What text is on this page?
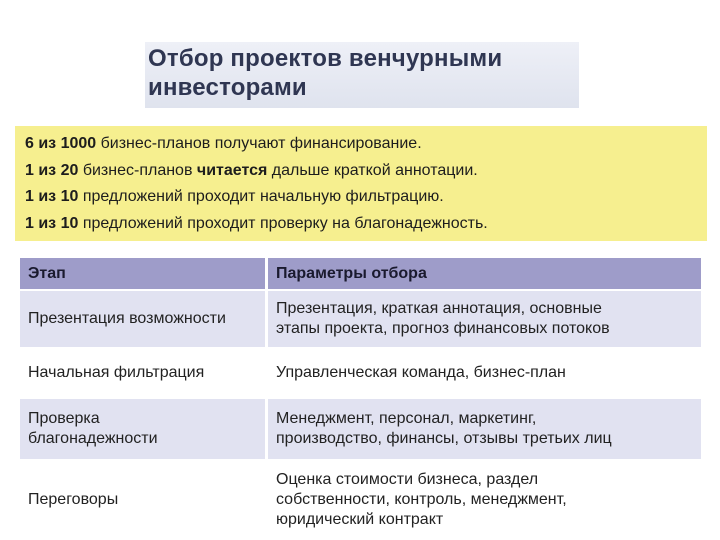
Отбор проектов венчурными
инвесторами
6 из 1000 бизнес-планов получают финансирование.
1 из 20 бизнес-планов читается дальше краткой аннотации.
1 из 10 предложений проходит начальную фильтрацию.
1 из 10 предложений проходит проверку на благонадежность.
Этап	Параметры отбора
Презентация возможности
Презентация, краткая аннотация, основные
этапы проекта, прогноз финансовых потоков
Начальная фильтрация	Управленческая команда, бизнес-план
Проверка
благонадежности
Менеджмент, персонал, маркетинг,
производство, финансы, отзывы третьих лиц
Переговоры
Оценка стоимости бизнеса, раздел
собственности, контроль, менеджмент,
юридический контракт
